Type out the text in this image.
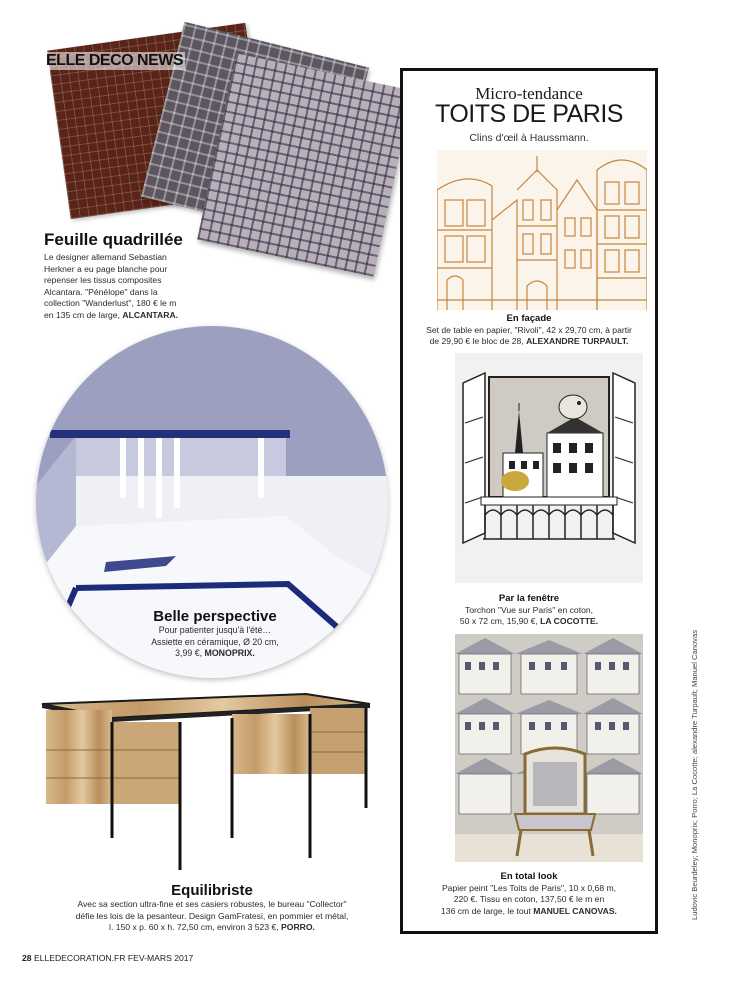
ELLE DECO NEWS
Feuille quadrillée
Le designer allemand Sebastian
Herkner a eu page blanche pour
repenser les tissus composites
Alcantara. "Pénélope" dans la
collection "Wanderlust", 180 € le m
en 135 cm de large, ALCANTARA.
Belle perspective
Pour patienter jusqu'à l'été…
Assiette en céramique, Ø 20 cm,
3,99 €, MONOPRIX.
Equilibriste
Avec sa section ultra-fine et ses casiers robustes, le bureau "Collector"
défie les lois de la pesanteur. Design GamFratesi, en pommier et métal,
l. 150 x p. 60 x h. 72,50 cm, environ 3 523 €, PORRO.
Micro-tendance
TOITS DE PARIS
Clins d'œil à Haussmann.
En façade
Set de table en papier, "Rivoli", 42 x 29,70 cm, à partir
de 29,90 € le bloc de 28, ALEXANDRE TURPAULT.
Par la fenêtre
Torchon "Vue sur Paris" en coton,
50 x 72 cm, 15,90 €, LA COCOTTE.
En total look
Papier peint "Les Toits de Paris", 10 x 0,68 m,
220 €. Tissu en coton, 137,50 € le m en
136 cm de large, le tout MANUEL CANOVAS.	Ludovic Beurdeley; Monoprix; Porro; La Cocotte; alexandre Turpault; Manuel Canovas
28 ELLEDECORATION.FR FEV-MARS 2017
